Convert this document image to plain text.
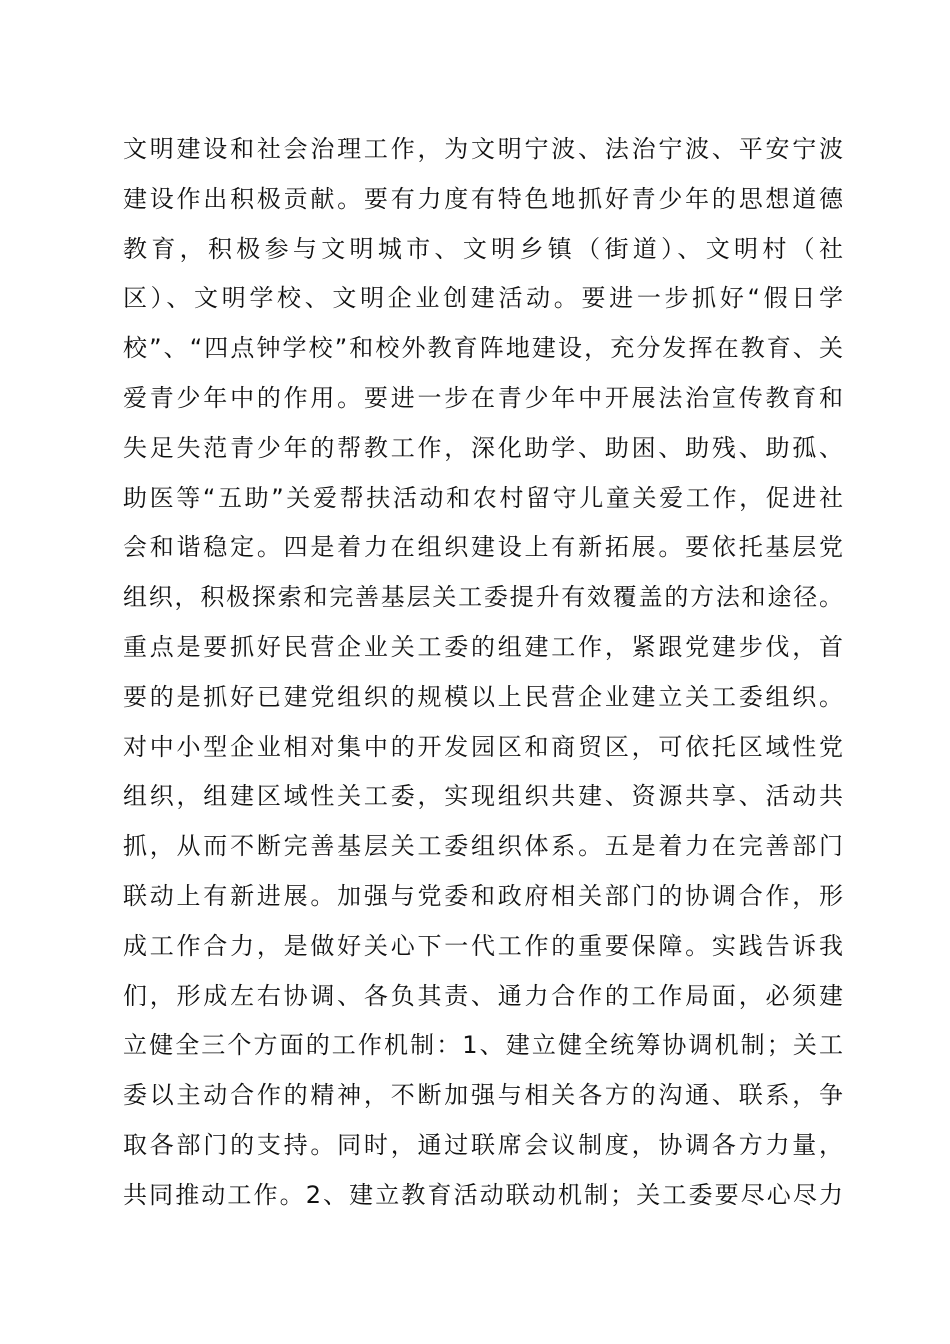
文明建设和社会治理工作，为文明宁波、法治宁波、平安宁波
建设作出积极贡献。要有力度有特色地抓好青少年的思想道德
教育，积极参与文明城市、文明乡镇（街道）、文明村（社
区）、文明学校、文明企业创建活动。要进一步抓好“假日学
校”、“四点钟学校”和校外教育阵地建设，充分发挥在教育、关
爱青少年中的作用。要进一步在青少年中开展法治宣传教育和
失足失范青少年的帮教工作，深化助学、助困、助残、助孤、
助医等“五助”关爱帮扶活动和农村留守儿童关爱工作，促进社
会和谐稳定。四是着力在组织建设上有新拓展。要依托基层党
组织，积极探索和完善基层关工委提升有效覆盖的方法和途径。
重点是要抓好民营企业关工委的组建工作，紧跟党建步伐，首
要的是抓好已建党组织的规模以上民营企业建立关工委组织。
对中小型企业相对集中的开发园区和商贸区，可依托区域性党
组织，组建区域性关工委，实现组织共建、资源共享、活动共
抓，从而不断完善基层关工委组织体系。五是着力在完善部门
联动上有新进展。加强与党委和政府相关部门的协调合作，形
成工作合力，是做好关心下一代工作的重要保障。实践告诉我
们，形成左右协调、各负其责、通力合作的工作局面，必须建
立健全三个方面的工作机制：1、建立健全统筹协调机制；关工
委以主动合作的精神，不断加强与相关各方的沟通、联系，争
取各部门的支持。同时，通过联席会议制度，协调各方力量，
共同推动工作。2、建立教育活动联动机制；关工委要尽心尽力
